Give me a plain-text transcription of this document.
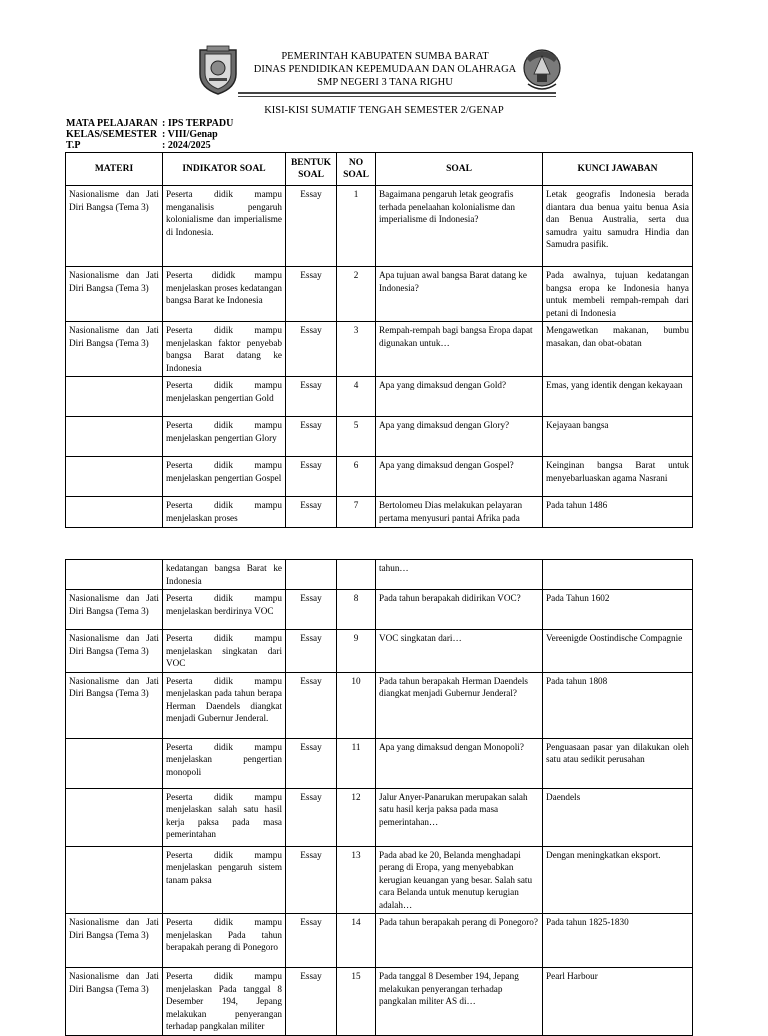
PEMERINTAH KABUPATEN SUMBA BARAT
DINAS PENDIDIKAN KEPEMUDAAN DAN OLAHRAGA
SMP NEGERI 3 TANA RIGHU
KISI-KISI SUMATIF TENGAH SEMESTER 2/GENAP
MATA PELAJARAN : IPS TERPADU
KELAS/SEMESTER : VIII/Genap
T.P	: 2024/2025
MATERI	INDIKATOR SOAL	BENTUK SOAL	NO SOAL	SOAL	KUNCI JAWABAN
Nasionalisme dan Jati Diri Bangsa (Tema 3)	Peserta didik mampu menganalisis pengaruh kolonialisme dan imperialisme di Indonesia.	Essay	1	Bagaimana pengaruh letak geografis terhada penelaahan kolonialisme dan imperialisme di Indonesia?	Letak geografis Indonesia berada diantara dua benua yaitu benua Asia dan Benua Australia, serta dua samudra yaitu samudra Hindia dan Samudra pasifik.
Nasionalisme dan Jati Diri Bangsa (Tema 3)	Peserta dididk mampu menjelaskan proses kedatangan bangsa Barat ke Indonesia	Essay	2	Apa tujuan awal bangsa Barat datang ke Indonesia?	Pada awalnya, tujuan kedatangan bangsa eropa ke Indonesia hanya untuk membeli rempah-rempah dari petani di Indonesia
Nasionalisme dan Jati Diri Bangsa (Tema 3)	Peserta didik mampu menjelaskan faktor penyebab bangsa Barat datang ke Indonesia	Essay	3	Rempah-rempah bagi bangsa Eropa dapat digunakan untuk…	Mengawetkan makanan, bumbu masakan, dan obat-obatan
	Peserta didik mampu menjelaskan pengertian Gold	Essay	4	Apa yang dimaksud dengan Gold?	Emas, yang identik dengan kekayaan
	Peserta didik mampu menjelaskan pengertian Glory	Essay	5	Apa yang dimaksud dengan Glory?	Kejayaan bangsa
	Peserta didik mampu menjelaskan pengertian Gospel	Essay	6	Apa yang dimaksud dengan Gospel?	Keinginan bangsa Barat untuk menyebarluaskan agama Nasrani
	Peserta didik mampu menjelaskan proses	Essay	7	Bertolomeu Dias melakukan pelayaran pertama menyusuri pantai Afrika pada	Pada tahun 1486
	kedatangan bangsa Barat ke Indonesia			tahun…	
Nasionalisme dan Jati Diri Bangsa (Tema 3)	Peserta didik mampu menjelaskan berdirinya VOC	Essay	8	Pada tahun berapakah didirikan VOC?	Pada Tahun 1602
Nasionalisme dan Jati Diri Bangsa (Tema 3)	Peserta didik mampu menjelaskan singkatan dari VOC	Essay	9	VOC singkatan dari…	Vereenigde Oostindische Compagnie
Nasionalisme dan Jati Diri Bangsa (Tema 3)	Peserta didik mampu menjelaskan pada tahun berapa Herman Daendels diangkat menjadi Gubernur Jenderal.	Essay	10	Pada tahun berapakah Herman Daendels diangkat menjadi Gubernur Jenderal?	Pada tahun 1808
	Peserta didik mampu menjelaskan pengertian monopoli	Essay	11	Apa yang dimaksud dengan Monopoli?	Penguasaan pasar yan dilakukan oleh satu atau sedikit perusahan
	Peserta didik mampu menjelaskan salah satu hasil kerja paksa pada masa pemerintahan	Essay	12	Jalur Anyer-Panarukan merupakan salah satu hasil kerja paksa pada masa pemerintahan…	Daendels
	Peserta didik mampu menjelaskan pengaruh sistem tanam paksa	Essay	13	Pada abad ke 20, Belanda menghadapi perang di Eropa, yang menyebabkan kerugian keuangan yang besar. Salah satu cara Belanda untuk menutup kerugian adalah…	Dengan meningkatkan eksport.
Nasionalisme dan Jati Diri Bangsa (Tema 3)	Peserta didik mampu menjelaskan Pada tahun berapakah perang di Ponegoro	Essay	14	Pada tahun berapakah perang di Ponegoro?	Pada tahun 1825-1830
Nasionalisme dan Jati Diri Bangsa (Tema 3)	Peserta didik mampu menjelaskan Pada tanggal 8 Desember 194, Jepang melakukan penyerangan terhadap pangkalan militer	Essay	15	Pada tanggal 8 Desember 194, Jepang melakukan penyerangan terhadap pangkalan militer AS di…	Pearl Harbour
